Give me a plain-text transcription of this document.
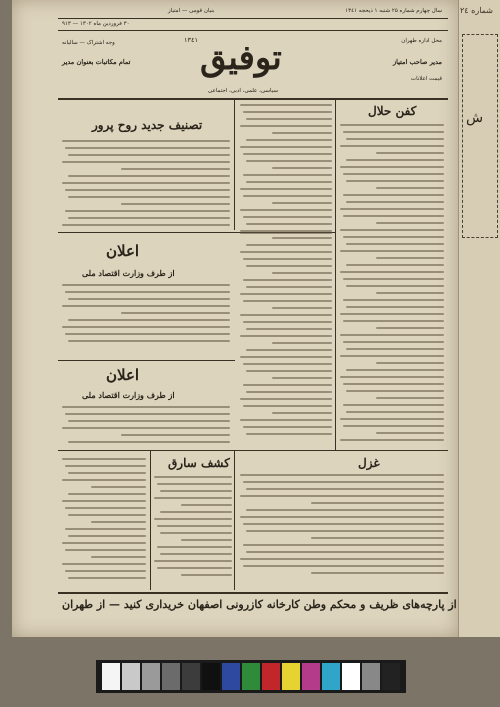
شماره ۲٤
ش
سال چهارم شماره ۲۵ شنبه ۱ ذیحجه ۱۳٤۱
بنیان قومی — امتیاز
۳۰ فروردین ماه ۱۳۰۲ — ۹۱۳
توفیق
۱۳٤۱
سیاسی، علمی، ادبی، اجتماعی
محل اداره طهران
مدیر صاحب امتیاز
قیمت اعلانات
تمام مکاتبات بعنوان مدیر
وجه اشتراک — سالیانه
کفن حلال
تصنیف جدید روح پرور
اعلان
از طرف وزارت اقتصاد ملی
اعلان
از طرف وزارت اقتصاد ملی
غزل
کشف سارق
از پارچه‌های ظریف و محکم وطن کارخانه کازرونی اصفهان خریداری کنید — از طهران
